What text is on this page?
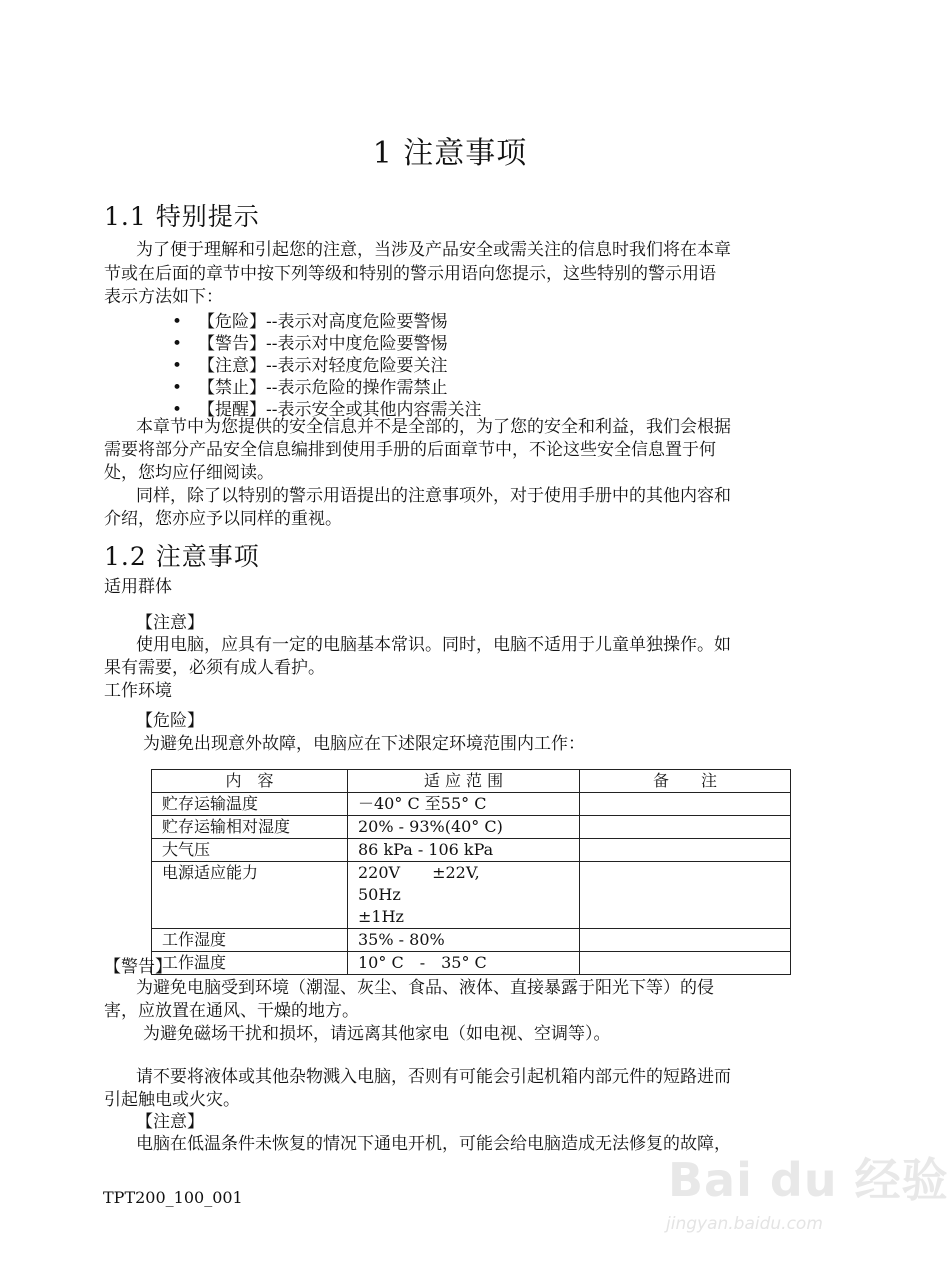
1 注意事项
1.1 特别提示
为了便于理解和引起您的注意，当涉及产品安全或需关注的信息时我们将在本章
节或在后面的章节中按下列等级和特别的警示用语向您提示，这些特别的警示用语
表示方法如下：
• 【危险】--表示对高度危险要警惕
• 【警告】--表示对中度危险要警惕
• 【注意】--表示对轻度危险要关注
• 【禁止】--表示危险的操作需禁止
• 【提醒】--表示安全或其他内容需关注
本章节中为您提供的安全信息并不是全部的，为了您的安全和利益，我们会根据
需要将部分产品安全信息编排到使用手册的后面章节中，不论这些安全信息置于何
处，您均应仔细阅读。
同样，除了以特别的警示用语提出的注意事项外，对于使用手册中的其他内容和
介绍，您亦应予以同样的重视。
1.2 注意事项
适用群体
【注意】
使用电脑，应具有一定的电脑基本常识。同时，电脑不适用于儿童单独操作。如
果有需要，必须有成人看护。
工作环境
【危险】
为避免出现意外故障，电脑应在下述限定环境范围内工作：
内　容	适 应 范 围	备　　注
贮存运输温度	－40° C 至55° C	
贮存运输相对湿度	20% - 93%(40° C)	
大气压	86 kPa - 106 kPa	
电源适应能力	220V　　±22V,　　　50Hz
±1Hz	
工作湿度	35% - 80%	
工作温度	10° C　-　35° C	
【警告】
为避免电脑受到环境（潮湿、灰尘、食品、液体、直接暴露于阳光下等）的侵
害，应放置在通风、干燥的地方。
为避免磁场干扰和损坏，请远离其他家电（如电视、空调等）。
请不要将液体或其他杂物溅入电脑，否则有可能会引起机箱内部元件的短路进而
引起触电或火灾。
【注意】
电脑在低温条件未恢复的情况下通电开机，可能会给电脑造成无法修复的故障，
TPT200_100_001	Bai du 经验
jingyan.baidu.com
